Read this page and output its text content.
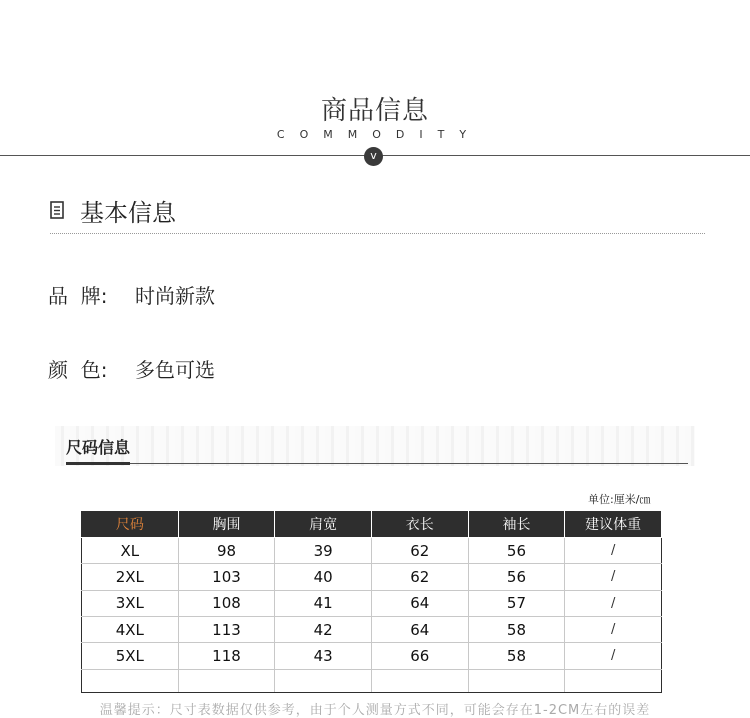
商品信息
COMMODITY
v
基本信息
品  牌: 时尚新款
颜  色: 多色可选
尺码信息
单位:厘米/㎝
尺码	胸围	肩宽	衣长	袖长	建议体重
XL	98	39	62	56	/
2XL	103	40	62	56	/
3XL	108	41	64	57	/
4XL	113	42	64	58	/
5XL	118	43	66	58	/

温馨提示：尺寸表数据仅供参考，由于个人测量方式不同，可能会存在1-2CM左右的误差
